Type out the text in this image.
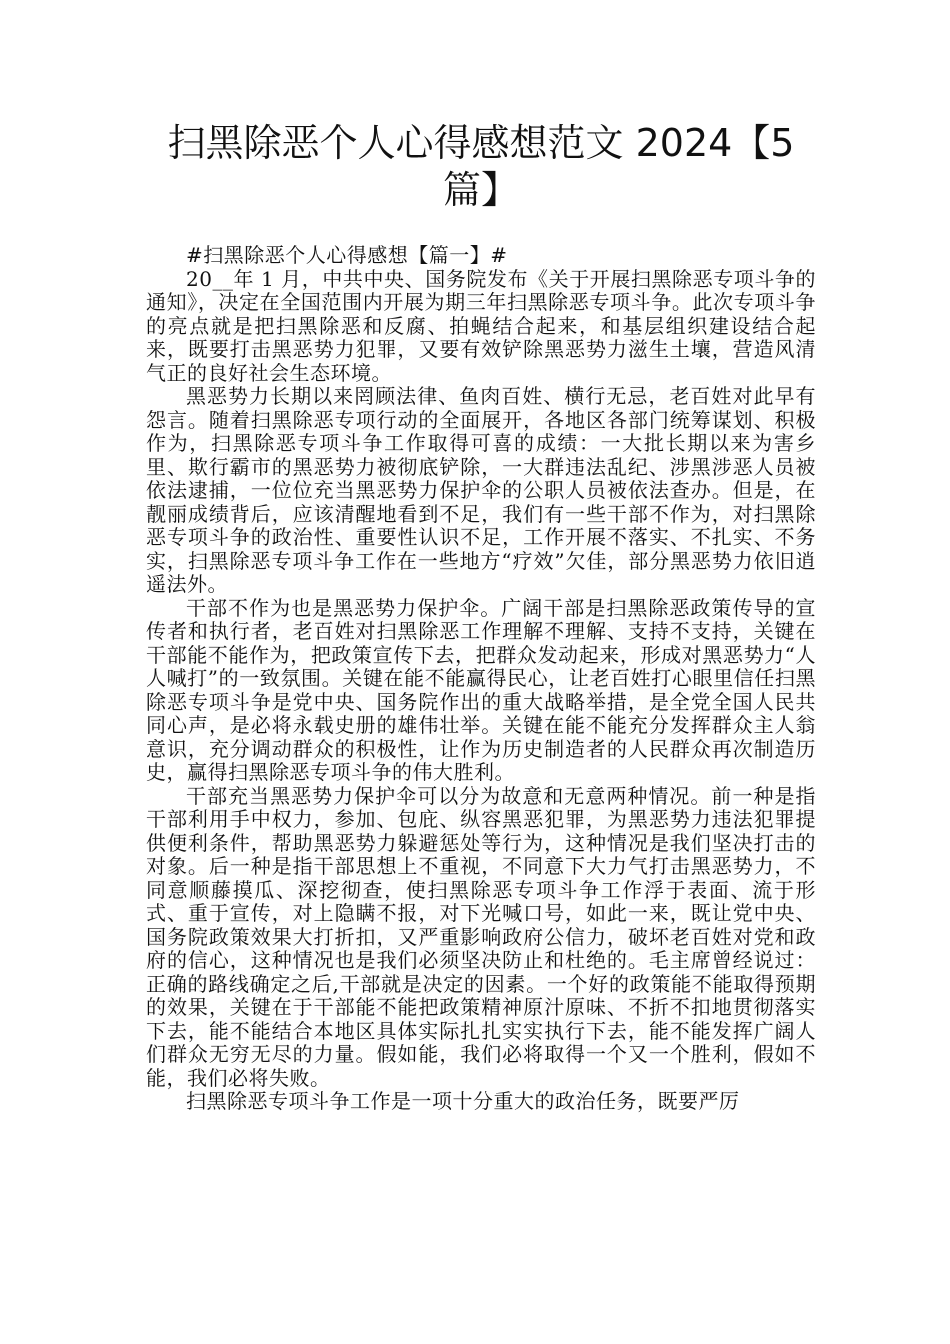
扫黑除恶个人心得感想范文 2024【5篇】

#扫黑除恶个人心得感想【篇一】#

20__年 1 月，中共中央、国务院发布《关于开展扫黑除恶专项斗争的通知》，决定在全国范围内开展为期三年扫黑除恶专项斗争。此次专项斗争的亮点就是把扫黑除恶和反腐、拍蝇结合起来，和基层组织建设结合起来，既要打击黑恶势力犯罪，又要有效铲除黑恶势力滋生土壤，营造风清气正的良好社会生态环境。

黑恶势力长期以来罔顾法律、鱼肉百姓、横行无忌，老百姓对此早有怨言。随着扫黑除恶专项行动的全面展开，各地区各部门统筹谋划、积极作为，扫黑除恶专项斗争工作取得可喜的成绩：一大批长期以来为害乡里、欺行霸市的黑恶势力被彻底铲除，一大群违法乱纪、涉黑涉恶人员被依法逮捕，一位位充当黑恶势力保护伞的公职人员被依法查办。但是，在靓丽成绩背后，应该清醒地看到不足，我们有一些干部不作为，对扫黑除恶专项斗争的政治性、重要性认识不足，工作开展不落实、不扎实、不务实，扫黑除恶专项斗争工作在一些地方“疗效”欠佳，部分黑恶势力依旧逍遥法外。

干部不作为也是黑恶势力保护伞。广阔干部是扫黑除恶政策传导的宣传者和执行者，老百姓对扫黑除恶工作理解不理解、支持不支持，关键在干部能不能作为，把政策宣传下去，把群众发动起来，形成对黑恶势力“人人喊打”的一致氛围。关键在能不能赢得民心，让老百姓打心眼里信任扫黑除恶专项斗争是党中央、国务院作出的重大战略举措，是全党全国人民共同心声，是必将永载史册的雄伟壮举。关键在能不能充分发挥群众主人翁意识，充分调动群众的积极性，让作为历史制造者的人民群众再次制造历史，赢得扫黑除恶专项斗争的伟大胜利。

干部充当黑恶势力保护伞可以分为故意和无意两种情况。前一种是指干部利用手中权力，参加、包庇、纵容黑恶犯罪，为黑恶势力违法犯罪提供便利条件，帮助黑恶势力躲避惩处等行为，这种情况是我们坚决打击的对象。后一种是指干部思想上不重视，不同意下大力气打击黑恶势力，不同意顺藤摸瓜、深挖彻查，使扫黑除恶专项斗争工作浮于表面、流于形式、重于宣传，对上隐瞒不报，对下光喊口号，如此一来，既让党中央、国务院政策效果大打折扣，又严重影响政府公信力，破坏老百姓对党和政府的信心，这种情况也是我们必须坚决防止和杜绝的。毛主席曾经说过：正确的路线确定之后,干部就是决定的因素。一个好的政策能不能取得预期的效果，关键在于干部能不能把政策精神原汁原味、不折不扣地贯彻落实下去，能不能结合本地区具体实际扎扎实实执行下去，能不能发挥广阔人们群众无穷无尽的力量。假如能，我们必将取得一个又一个胜利，假如不能，我们必将失败。

扫黑除恶专项斗争工作是一项十分重大的政治任务，既要严厉
